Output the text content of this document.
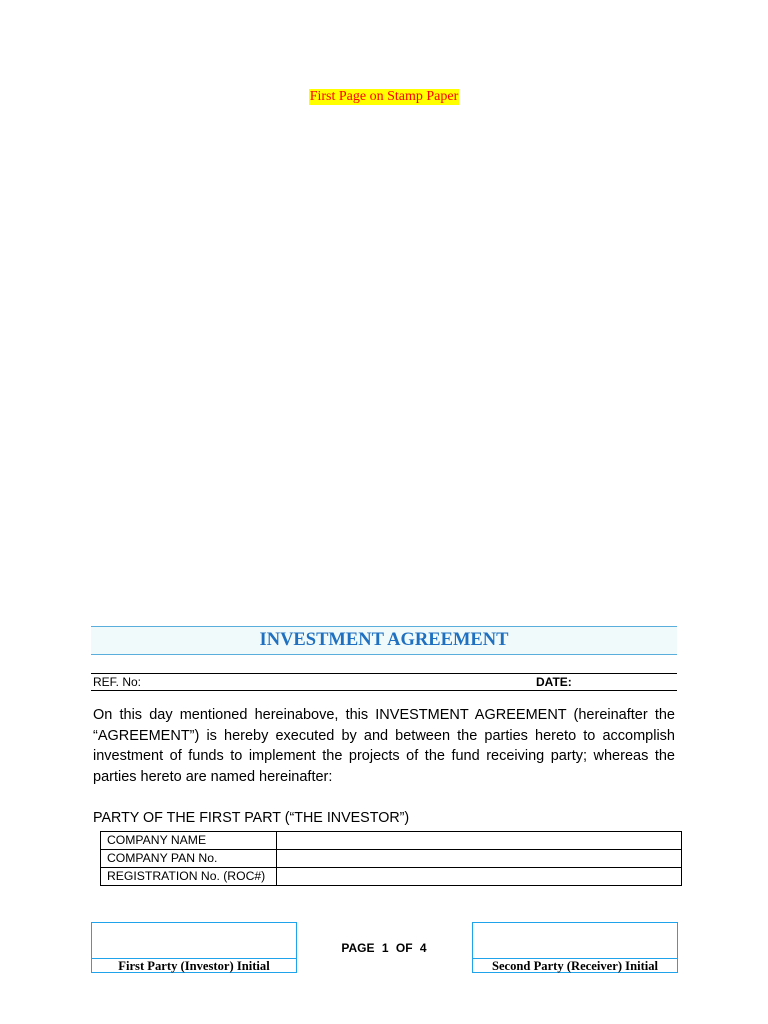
First Page on Stamp Paper
INVESTMENT AGREEMENT
REF. No:	DATE:

On this day mentioned hereinabove, this INVESTMENT AGREEMENT (hereinafter the “AGREEMENT”) is hereby executed by and between the parties hereto to accomplish investment of funds to implement the projects of the fund receiving party; whereas the parties hereto are named hereinafter:

PARTY OF THE FIRST PART (“THE INVESTOR”)
COMPANY NAME
COMPANY PAN No.
REGISTRATION No. (ROC#)
First Party (Investor) Initial
PAGE 1 OF 4
Second Party (Receiver) Initial
